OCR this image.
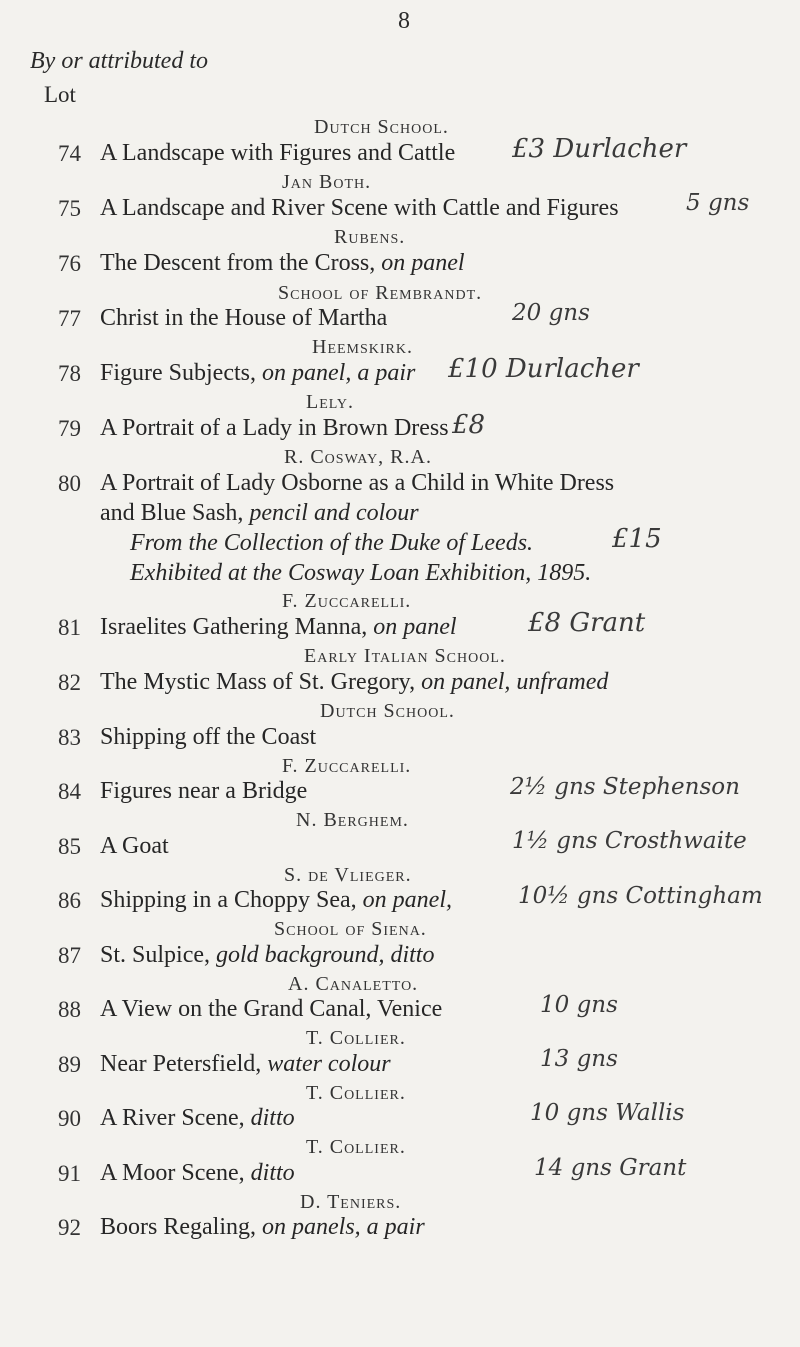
8
By or attributed to
Lot
Dutch School.
74 A Landscape with Figures and Cattle £3 Durlacher
Jan Both.
75 A Landscape and River Scene with Cattle and Figures	5 gns
Rubens.
76 The Descent from the Cross, on panel
School of Rembrandt.
77 Christ in the House of Martha	20 gns
Heemskirk.
78 Figure Subjects, on panel, a pair £10 Durlacher
Lely.
79 A Portrait of a Lady in Brown Dress £8
R. Cosway, R.A.
80 A Portrait of Lady Osborne as a Child in White Dress
and Blue Sash, pencil and colour
From the Collection of the Duke of Leeds.
Exhibited at the Cosway Loan Exhibition, 1895.
£15
F. Zuccarelli.
81 Israelites Gathering Manna, on panel	£8 Grant
Early Italian School.
82 The Mystic Mass of St. Gregory, on panel, unframed
Dutch School.
83 Shipping off the Coast
F. Zuccarelli.
84 Figures near a Bridge	2½ gns Stephenson
N. Berghem.
85 A Goat	1½ gns Crosthwaite
S. de Vlieger.
86 Shipping in a Choppy Sea, on panel,	10½ gns Cottingham
School of Siena.
87 St. Sulpice, gold background, ditto
A. Canaletto.
88 A View on the Grand Canal, Venice	10 gns
T. Collier.
89 Near Petersfield, water colour	13 gns
T. Collier.
90 A River Scene, ditto	10 gns Wallis
T. Collier.
91 A Moor Scene, ditto	14 gns Grant
D. Teniers.
92 Boors Regaling, on panels, a pair
